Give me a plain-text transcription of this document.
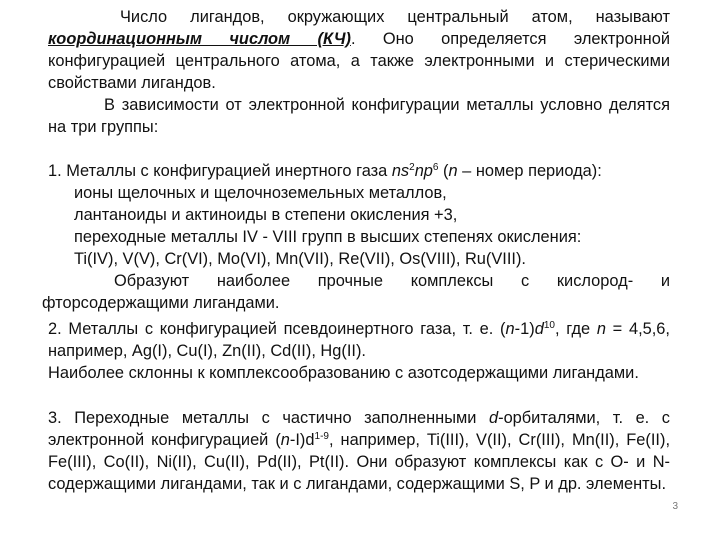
Число лигандов, окружающих центральный атом, называют координационным числом (КЧ). Оно определяется электронной конфигурацией центрального атома, а также электронными и стерическими свойствами лигандов.

В зависимости от электронной конфигурации металлы условно делятся на три группы:

1. Металлы с конфигурацией инертного газа $ns^2np^6$ (n – номер периода):

ионы щелочных и щелочноземельных металлов,

лантаноиды и актиноиды в степени окисления +3,

переходные металлы IV - VIII групп в высших степенях окисления:

Ti(IV), V(V), Cr(VI), Mo(VI), Mn(VII), Re(VII), Os(VIII), Ru(VIII).

Образуют наиболее прочные комплексы с кислород- и фторсодержащими лигандами.

2. Металлы с конфигурацией псевдоинертного газа, т. е. $(n-1)d^{10}$, где n = 4,5,6, например, Ag(I), Cu(I), Zn(II), Cd(II), Hg(II).

Наиболее склонны к комплексообразованию с азотсодержащими лигандами.

3. Переходные металлы с частично заполненными d-орбиталями, т. е. с электронной конфигурацией $(n-I)d^{1-9}$, например, Ti(III), V(II), Cr(III), Mn(II), Fe(II), Fe(III), Co(II), Ni(II), Cu(II), Pd(II), Pt(II). Они образуют комплексы как с O- и N-содержащими лигандами, так и с лигандами, содержащими S, P и др. элементы.

3
